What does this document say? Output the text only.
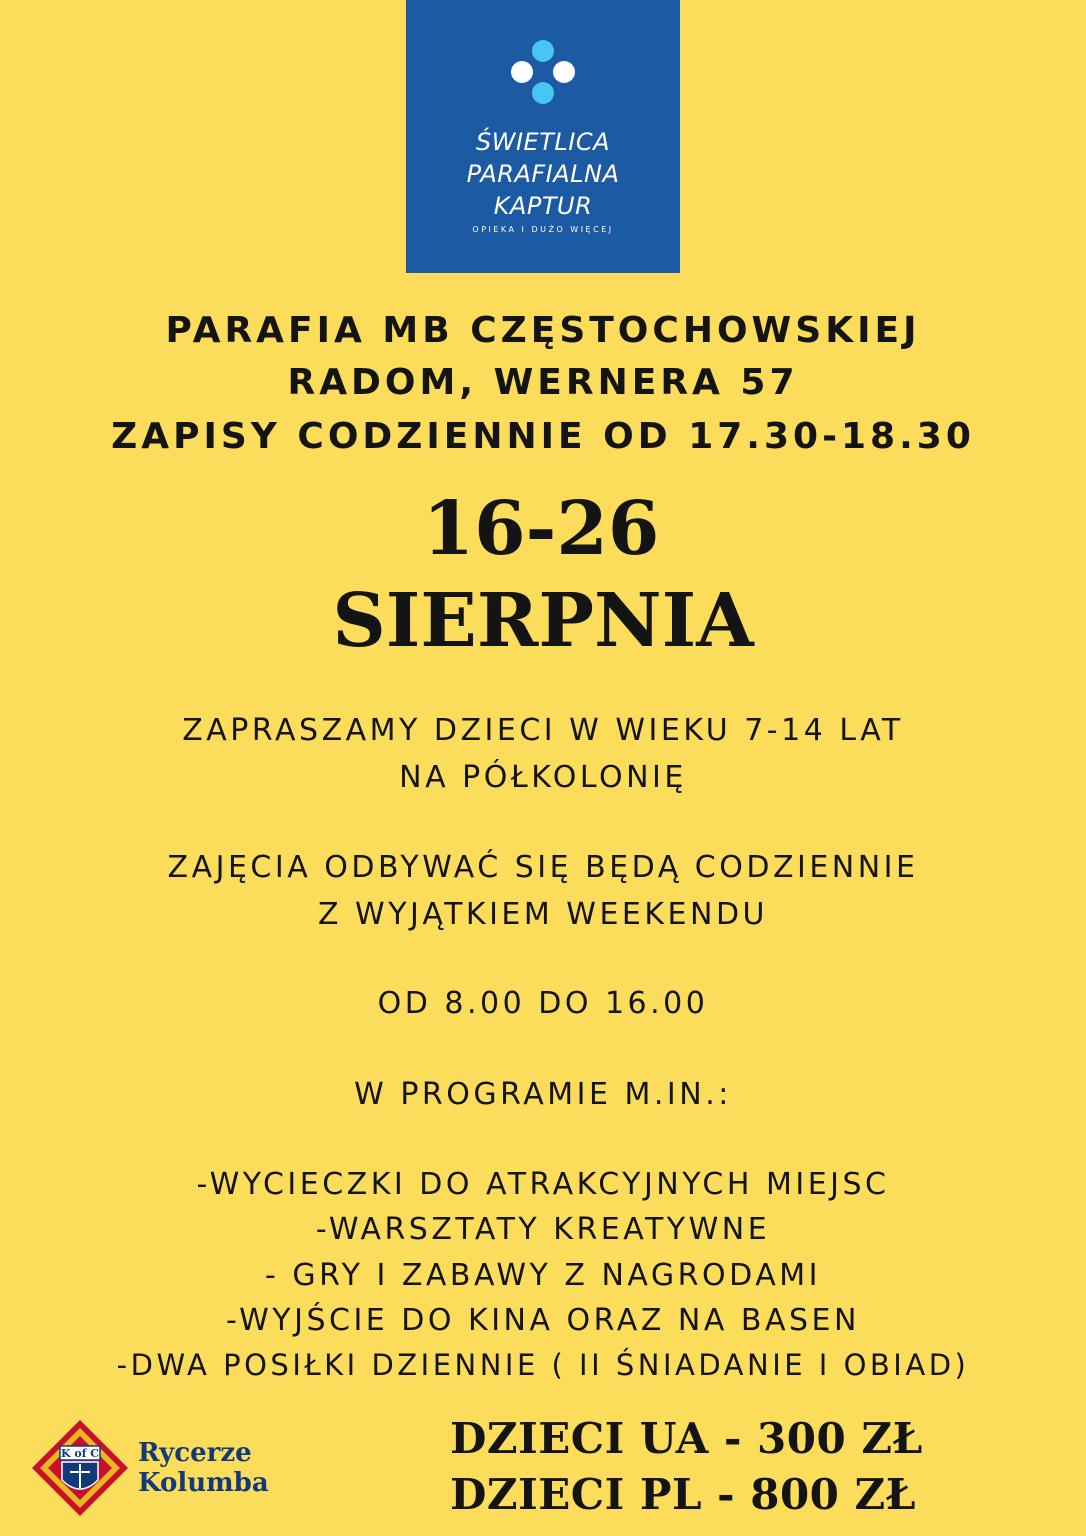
ŚWIETLICA
PARAFIALNA
KAPTUR
OPIEKA I DUŻO WIĘCEJ
PARAFIA MB CZĘSTOCHOWSKIEJ
RADOM, WERNERA 57
ZAPISY CODZIENNIE OD 17.30-18.30
16-26
SIERPNIA
ZAPRASZAMY DZIECI W WIEKU 7-14 LAT
NA PÓŁKOLONIĘ
ZAJĘCIA ODBYWAĆ SIĘ BĘDĄ CODZIENNIE
Z WYJĄTKIEM WEEKENDU
OD 8.00 DO 16.00
W PROGRAMIE M.IN.:
-WYCIECZKI DO ATRAKCYJNYCH MIEJSC
-WARSZTATY KREATYWNE
- GRY I ZABAWY Z NAGRODAMI
-WYJŚCIE DO KINA ORAZ NA BASEN
-DWA POSIŁKI DZIENNIE ( II ŚNIADANIE I OBIAD)
K of C Rycerze
Kolumba
DZIECI UA - 300 ZŁ
DZIECI PL - 800 ZŁ
